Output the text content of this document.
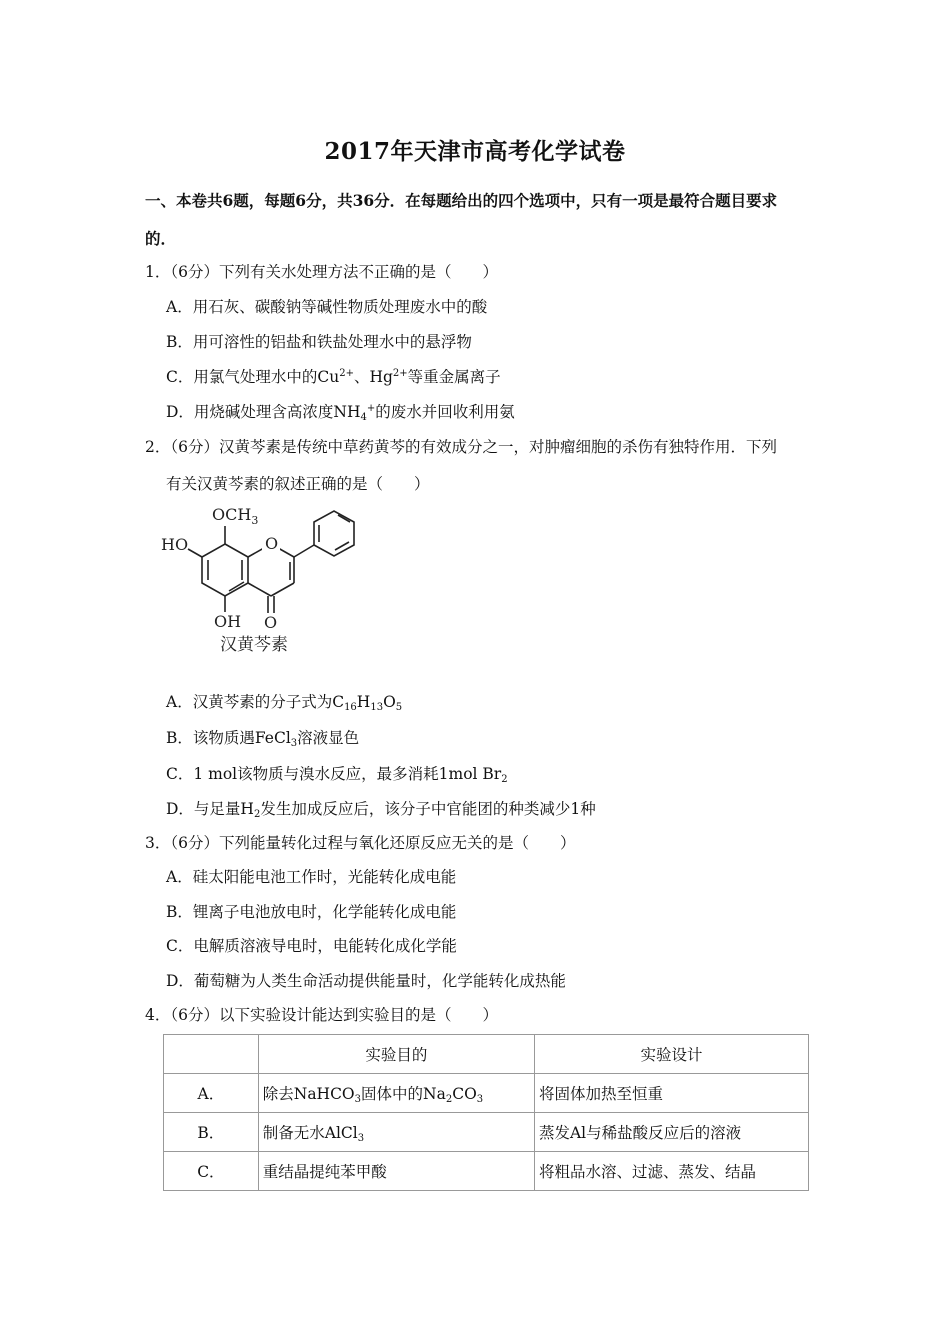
2017年天津市高考化学试卷
一、本卷共6题，每题6分，共36分．在每题给出的四个选项中，只有一项是最符合题目要求
的．
1．（6分）下列有关水处理方法不正确的是（　　）
A．用石灰、碳酸钠等碱性物质处理废水中的酸
B．用可溶性的铝盐和铁盐处理水中的悬浮物
C．用氯气处理水中的$Cu^{2+}$、$Hg^{2+}$等重金属离子
D．用烧碱处理含高浓度$NH_4^+$的废水并回收利用氨
2．（6分）汉黄芩素是传统中草药黄芩的有效成分之一，对肿瘤细胞的杀伤有独特作用．下列
有关汉黄芩素的叙述正确的是（　　）
O
O
$OCH_3$
HO
OH
汉黄芩素
A．汉黄芩素的分子式为$C_{16}H_{13}O_5$
B．该物质遇FeCl$_3$溶液显色
C．1 mol该物质与溴水反应，最多消耗1mol $Br_2$
D．与足量$H_2$发生加成反应后，该分子中官能团的种类减少1种
3．（6分）下列能量转化过程与氧化还原反应无关的是（　　）
A．硅太阳能电池工作时，光能转化成电能
B．锂离子电池放电时，化学能转化成电能
C．电解质溶液导电时，电能转化成化学能
D．葡萄糖为人类生命活动提供能量时，化学能转化成热能
4．（6分）以下实验设计能达到实验目的是（　　）
	实验目的	实验设计
A．	除去NaHCO$_3$固体中的$Na_2CO_3$	将固体加热至恒重
B．	制备无水AlCl$_3$	蒸发Al与稀盐酸反应后的溶液
C．	重结晶提纯苯甲酸	将粗品水溶、过滤、蒸发、结晶
